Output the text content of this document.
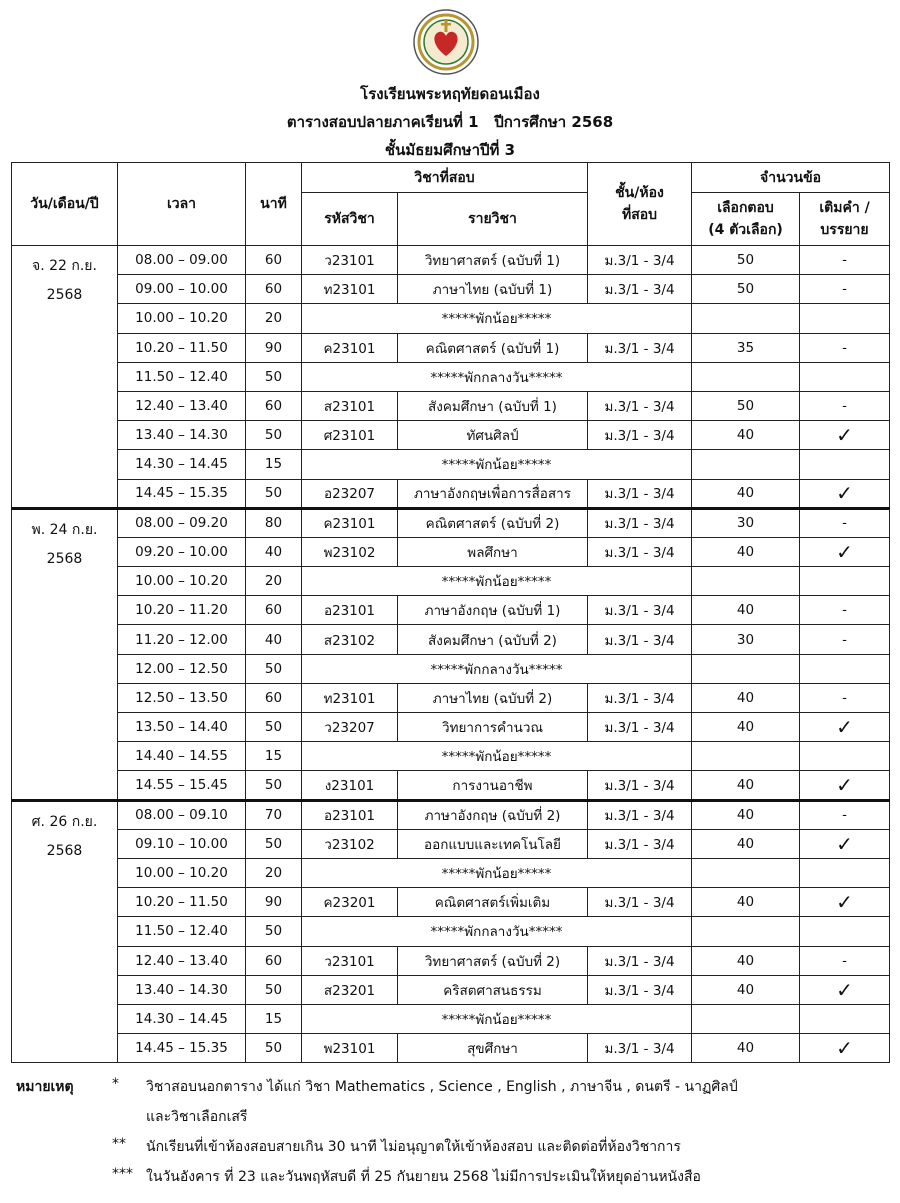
โรงเรียนพระหฤทัยดอนเมือง
ตารางสอบปลายภาคเรียนที่ 1   ปีการศึกษา 2568
ชั้นมัธยมศึกษาปีที่ 3
วัน/เดือน/ปี	เวลา	นาที	วิชาที่สอบ		ชั้น/ห้อง
ที่สอบ	จำนวนข้อ	
			รหัสวิชา	รายวิชา		เลือกตอบ
(4 ตัวเลือก)	เติมคำ /
บรรยาย
จ. 22 ก.ย.
2568	08.00 – 09.00	60	ว23101	วิทยาศาสตร์ (ฉบับที่ 1)	ม.3/1 - 3/4	50	-
	09.00 – 10.00	60	ท23101	ภาษาไทย (ฉบับที่ 1)	ม.3/1 - 3/4	50	-
	10.00 – 10.20	20	*****พักน้อย*****				
	10.20 – 11.50	90	ค23101	คณิตศาสตร์ (ฉบับที่ 1)	ม.3/1 - 3/4	35	-
	11.50 – 12.40	50	*****พักกลางวัน*****				
	12.40 – 13.40	60	ส23101	สังคมศึกษา (ฉบับที่ 1)	ม.3/1 - 3/4	50	-
	13.40 – 14.30	50	ศ23101	ทัศนศิลป์	ม.3/1 - 3/4	40	✓
	14.30 – 14.45	15	*****พักน้อย*****				
	14.45 – 15.35	50	อ23207	ภาษาอังกฤษเพื่อการสื่อสาร	ม.3/1 - 3/4	40	✓
พ. 24 ก.ย.
2568	08.00 – 09.20	80	ค23101	คณิตศาสตร์ (ฉบับที่ 2)	ม.3/1 - 3/4	30	-
	09.20 – 10.00	40	พ23102	พลศึกษา	ม.3/1 - 3/4	40	✓
	10.00 – 10.20	20	*****พักน้อย*****				
	10.20 – 11.20	60	อ23101	ภาษาอังกฤษ (ฉบับที่ 1)	ม.3/1 - 3/4	40	-
	11.20 – 12.00	40	ส23102	สังคมศึกษา (ฉบับที่ 2)	ม.3/1 - 3/4	30	-
	12.00 – 12.50	50	*****พักกลางวัน*****				
	12.50 – 13.50	60	ท23101	ภาษาไทย (ฉบับที่ 2)	ม.3/1 - 3/4	40	-
	13.50 – 14.40	50	ว23207	วิทยาการคำนวณ	ม.3/1 - 3/4	40	✓
	14.40 – 14.55	15	*****พักน้อย*****				
	14.55 – 15.45	50	ง23101	การงานอาชีพ	ม.3/1 - 3/4	40	✓
ศ. 26 ก.ย.
2568	08.00 – 09.10	70	อ23101	ภาษาอังกฤษ (ฉบับที่ 2)	ม.3/1 - 3/4	40	-
	09.10 – 10.00	50	ว23102	ออกแบบและเทคโนโลยี	ม.3/1 - 3/4	40	✓
	10.00 – 10.20	20	*****พักน้อย*****				
	10.20 – 11.50	90	ค23201	คณิตศาสตร์เพิ่มเติม	ม.3/1 - 3/4	40	✓
	11.50 – 12.40	50	*****พักกลางวัน*****				
	12.40 – 13.40	60	ว23101	วิทยาศาสตร์ (ฉบับที่ 2)	ม.3/1 - 3/4	40	-
	13.40 – 14.30	50	ส23201	คริสตศาสนธรรม	ม.3/1 - 3/4	40	✓
	14.30 – 14.45	15	*****พักน้อย*****				
	14.45 – 15.35	50	พ23101	สุขศึกษา	ม.3/1 - 3/4	40	✓
หมายเหตุ	* วิชาสอบนอกตาราง ได้แก่ วิชา Mathematics , Science , English , ภาษาจีน , ดนตรี - นาฏศิลป์
และวิชาเลือกเสรี
** นักเรียนที่เข้าห้องสอบสายเกิน 30 นาที ไม่อนุญาตให้เข้าห้องสอบ และติดต่อที่ห้องวิชาการ
*** ในวันอังคาร ที่ 23 และวันพฤหัสบดี ที่ 25 กันยายน 2568 ไม่มีการประเมินให้หยุดอ่านหนังสือ
